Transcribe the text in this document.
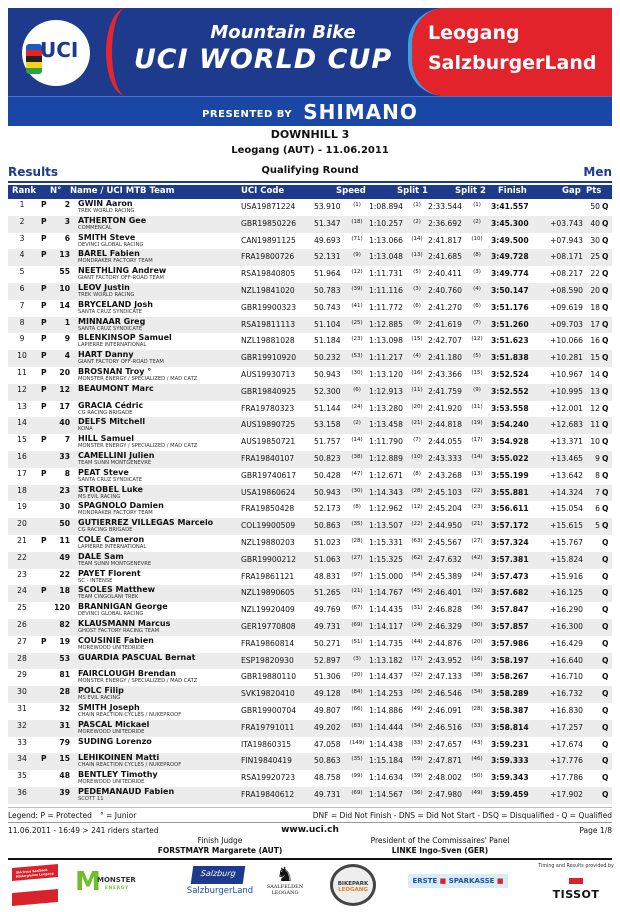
UCI
Mountain Bike
UCI WORLD CUP
Leogang
SalzburgerLand
PRESENTED BY SHIMANO
DOWNHILL 3
Leogang (AUT) - 11.06.2011
Qualifying Round
Results	Men
Rank N° Name / UCI MTB Team	UCI Code	Speed	Split 1	Split 2 Finish	Gap Pts
1	P	2 GWIN Aaron
TREK WORLD RACING	USA19871224 53.910	(1)	1:08.894	(1) 2:33.544	(1)	3:41.557	50 Q
2	P	3 ATHERTON Gee
COMMENCAL	GBR19850226 51.347	(18) 1:10.257	(2) 2:36.692	(2)	3:45.300	+03.743 40 Q
3	P	6 SMITH Steve
DEVINCI GLOBAL RACING	CAN19891125 49.693	(71) 1:13.066	(14) 2:41.817	(10)	3:49.500	+07.943 30 Q
4	P	13 BAREL Fabien
MONDRAKER FACTORY TEAM	FRA19800726	52.131	(9)	1:13.048	(13) 2:41.685	(8)	3:49.728	+08.171 25 Q
5	55 NEETHLING Andrew
GIANT FACTORY OFF-ROAD TEAM	RSA19840805 51.964	(12) 1:11.731	(5) 2:40.411	(3)	3:49.774	+08.217 22 Q
6	P	10 LEOV Justin
TREK WORLD RACING	NZL19841020	50.783	(39) 1:11.116	(3) 2:40.760	(4)	3:50.147	+08.590 20 Q
7	P	14 BRYCELAND Josh
SANTA CRUZ SYNDICATE	GBR19900323 50.743	(41) 1:11.772	(6) 2:41.270	(6)	3:51.176	+09.619 18 Q
8	P	1 MINNAAR Greg
SANTA CRUZ SYNDICATE	RSA19811113 51.104	(25) 1:12.885	(9) 2:41.619	(7)	3:51.260	+09.703 17 Q
9	P	9 BLENKINSOP Samuel
LAPIERRE INTERNATIONAL	NZL19881028	51.184	(23) 1:13.098	(15) 2:42.707	(12)	3:51.623	+10.066 16 Q
10	P	4 HART Danny
GIANT FACTORY OFF-ROAD TEAM	GBR19910920 50.232	(53) 1:11.217	(4) 2:41.180	(5)	3:51.838	+10.281 15 Q
11	P	20 BROSNAN Troy °
MONSTER ENERGY / SPECIALIZED / MAD CATZ	AUS19930713 50.943	(30) 1:13.120	(16) 2:43.366	(15)	3:52.524	+10.967 14 Q
12	P	12 BEAUMONT Marc	GBR19840925 52.300	(6)	1:12.913	(11) 2:41.759	(9)	3:52.552	+10.995 13 Q
13	P	17 GRACIA Cédric
CG RACING BRIGADE	FRA19780323	51.144	(24) 1:13.280	(20) 2:41.920	(11)	3:53.558	+12.001 12 Q
14	40 DELFS Mitchell
KONA	AUS19890725 53.158	(2)	1:13.458	(21) 2:44.818	(19)	3:54.240	+12.683 11 Q
15	P	7 HILL Samuel
MONSTER ENERGY / SPECIALIZED / MAD CATZ	AUS19850721 51.757	(14) 1:11.790	(7) 2:44.055	(17)	3:54.928	+13.371 10 Q
16	33 CAMELLINI Julien
TEAM SUNN MONTGENEVRE	FRA19840107	50.823	(38) 1:12.889	(10) 2:43.333	(14)	3:55.022	+13.465	9 Q
17	P	8 PEAT Steve
SANTA CRUZ SYNDICATE	GBR19740617 50.428	(47) 1:12.671	(8) 2:43.268	(13)	3:55.199	+13.642	8 Q
18	23 STROBEL Luke
MS EVIL RACING	USA19860624 50.943	(30) 1:14.343	(28) 2:45.103	(22)	3:55.881	+14.324	7 Q
19	30 SPAGNOLO Damien
MONDRAKER FACTORY TEAM	FRA19850428	52.173	(8)	1:12.962	(12) 2:45.204	(23)	3:56.611	+15.054	6 Q
20	50 GUTIERREZ VILLEGAS Marcelo
CG RACING BRIGADE	COL19900509 50.863	(35) 1:13.507	(22) 2:44.950	(21)	3:57.172	+15.615	5 Q
21	P	11 COLE Cameron
LAPIERRE INTERNATIONAL	NZL19880203	51.023	(28) 1:15.331	(63) 2:45.567	(27)	3:57.324	+15.767	Q
22	49 DALE Sam
TEAM SUNN MONTGENEVRE	GBR19900212 51.063	(27) 1:15.325	(62) 2:47.632	(42)	3:57.381	+15.824	Q
23	22 PAYET Florent
SC - INTENSE	FRA19861121	48.831	(97) 1:15.000	(54) 2:45.389	(24)	3:57.473	+15.916	Q
24	P	18 SCOLES Matthew
TEAM CINGOLANI TREK	NZL19890605	51.265	(21) 1:14.767	(45) 2:46.401	(32)	3:57.682	+16.125	Q
25	120 BRANNIGAN George
DEVINCI GLOBAL RACING	NZL19920409	49.769	(67) 1:14.435	(31) 2:46.828	(36)	3:57.847	+16.290	Q
26	82 KLAUSMANN Marcus
GHOST FACTORY RACING TEAM	GER19770808 49.731	(69) 1:14.117	(24) 2:46.329	(30)	3:57.857	+16.300	Q
27	P	19 COUSINIE Fabien
MOREWOOD UNITEDRIDE	FRA19860814	50.271	(51) 1:14.735	(44) 2:44.876	(20)	3:57.986	+16.429	Q
28	53 GUARDIA PASCUAL Bernat	ESP19820930	52.897	(3)	1:13.182	(17) 2:43.952	(16)	3:58.197	+16.640	Q
29	81 FAIRCLOUGH Brendan
MONSTER ENERGY / SPECIALIZED / MAD CATZ	GBR19880110 51.306	(20) 1:14.437	(32) 2:47.133	(38)	3:58.267	+16.710	Q
30	28 POLC Filip
MS EVIL RACING	SVK19820410	49.128	(84) 1:14.253	(26) 2:46.546	(34)	3:58.289	+16.732	Q
31	32 SMITH Joseph
CHAIN REACTION CYCLES / NUKEPROOF	GBR19900704 49.807	(66) 1:14.886	(49) 2:46.091	(28)	3:58.387	+16.830	Q
32	31 PASCAL Mickael
MOREWOOD UNITEDRIDE	FRA19791011	49.202	(83) 1:14.444	(34) 2:46.516	(33)	3:58.814	+17.257	Q
33	79 SUDING Lorenzo	ITA19860315	47.058	(149) 1:14.438	(33) 2:47.657	(43)	3:59.231	+17.674	Q
34	P	15 LEHIKOINEN Matti
CHAIN REACTION CYCLES / NUKEPROOF	FIN19840419	50.863	(35) 1:15.184	(59) 2:47.871	(46)	3:59.333	+17.776	Q
35	48 BENTLEY Timothy
MOREWOOD UNITEDRIDE	RSA19920723 48.758	(99) 1:14.634	(39) 2:48.002	(50)	3:59.343	+17.786	Q
36	39 PEDEMANAUD Fabien
SCOTT 11	FRA19840612	49.731	(69) 1:14.567	(36) 2:47.980	(49)	3:59.459	+17.902	Q
Legend: P = Protected ° = Junior	DNF = Did Not Finish - DNS = Did Not Start - DSQ = Disqualified - Q = Qualified
11.06.2011 - 16:49 > 241 riders started	www.uci.ch	Page 1/8
Finish Judge
FORSTMAYR Margarete (AUT)
President of the Commissaires' Panel
LINKE Ingo-Sven (GER)
Skicircus Saalbach Hinterglemm Leogang M
MONSTER
ENERGY
Salzburg
SalzburgerLand
♞
SAALFELDEN
LEOGANG
BIKEPARK
LEOGANG
ERSTE ■ SPARKASSE ■
Timing and Results provided by
TISSOT
